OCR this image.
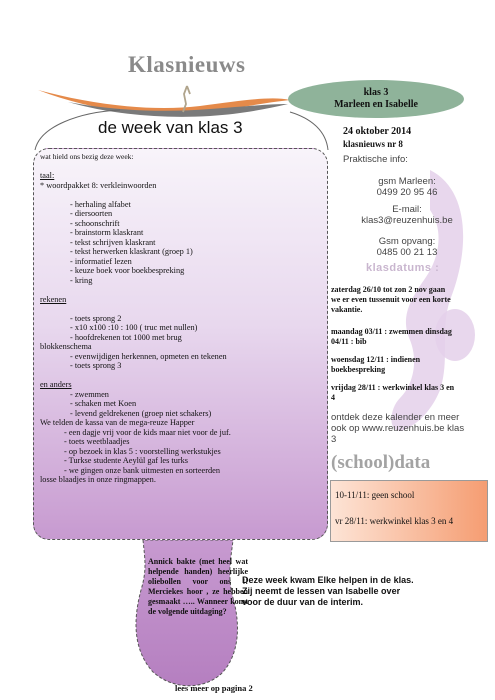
Klasnieuws
de week van klas 3
klas 3
Marleen en Isabelle
24 oktober 2014
klasnieuws nr 8
Praktische info:
gsm Marleen:
0499 20 95 46
E-mail:
klas3@reuzenhuis.be
Gsm opvang:
0485 00 21 13
klasdatums :
zaterdag 26/10 tot zon 2 nov gaan we er even tussenuit voor een korte vakantie.
maandag 03/11 : zwemmen dinsdag 04/11 : bib
woensdag 12/11 : indienen boekbespreking
vrijdag 28/11 : werkwinkel klas 3 en 4
ontdek deze kalender en meer ook op www.reuzenhuis.be klas 3
(school)data
10-11/11: geen school
vr 28/11: werkwinkel klas 3 en 4
wat hield ons bezig deze week:

taal:
* woordpakket 8: verkleinwoorden

- herhaling alfabet
- diersoorten
- schoonschrift
- brainstorm klaskrant
- tekst schrijven klaskrant
- tekst herwerken klaskrant (groep 1)
- informatief lezen
- keuze boek voor boekbespreking
- kring

rekenen

- toets sprong 2
- x10 x100 :10 : 100 ( truc met nullen)
- hoofdrekenen tot 1000 met brug
blokkenschema
- evenwijdigen herkennen, opmeten en tekenen
- toets sprong 3

en anders
- zwemmen
- schaken met Koen
- levend geldrekenen (groep niet schakers)
We telden de kassa van de mega-reuze Happer
- een dagje vrij voor de kids maar niet voor de juf.
- toets weetblaadjes
- op bezoek in klas 5 : voorstelling werkstukjes
- Turkse studente Aeylül gaf les turks
- we gingen onze bank uitmesten en sorteerden
losse blaadjes in onze ringmappen.
Annick bakte (met heel wat helpende handen) heerlijke oliebollen voor ons !! Merciekes hoor , ze hebben gesmaakt ….. Wanneer komt de volgende uitdaging?
Deze week kwam Elke helpen in de klas. Zij neemt de lessen van Isabelle over voor de duur van de interim.
lees meer op pagina 2
